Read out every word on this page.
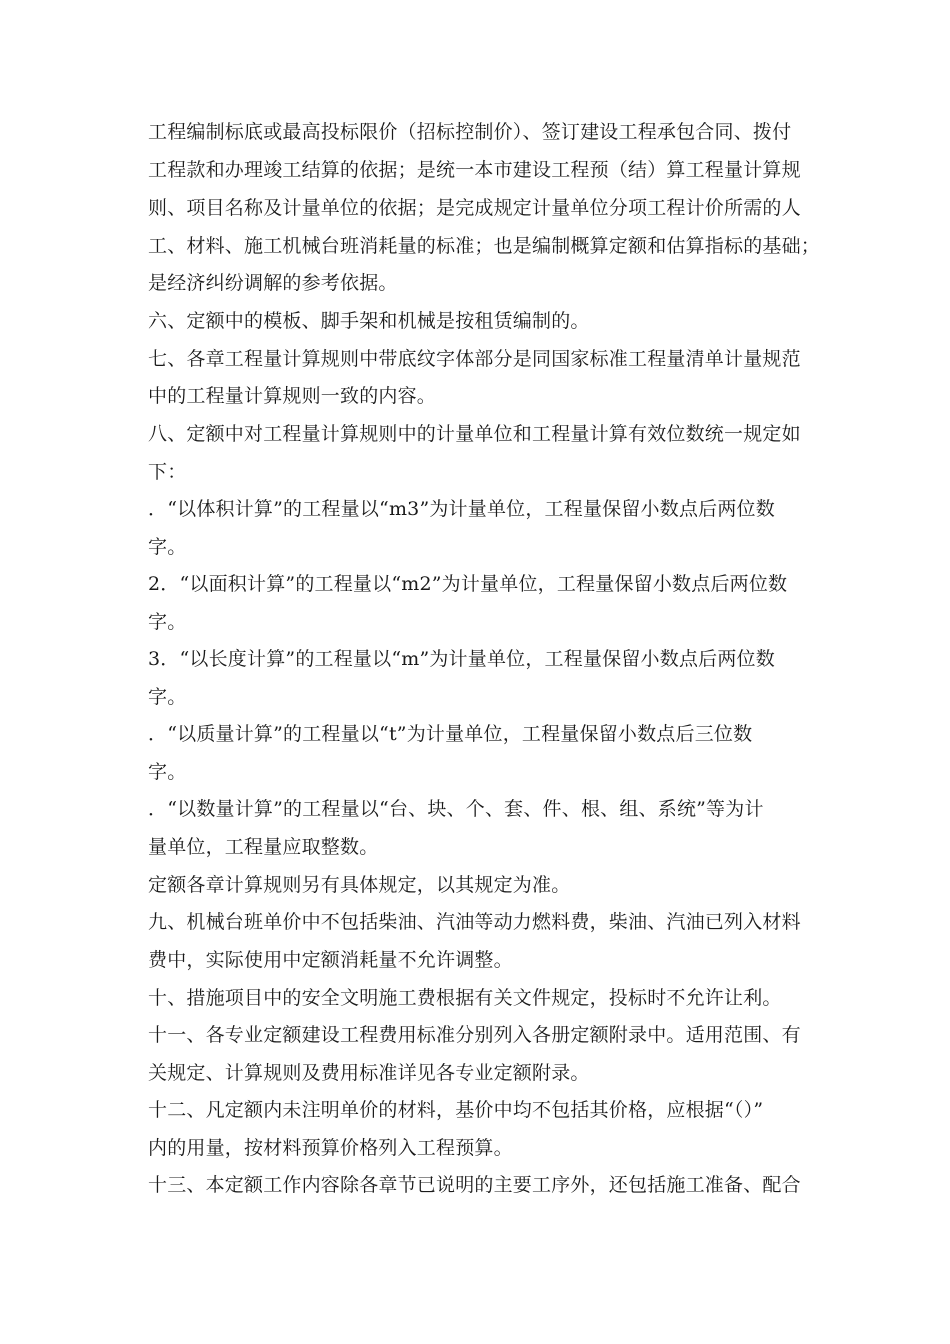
工程编制标底或最高投标限价（招标控制价）、签订建设工程承包合同、拨付
工程款和办理竣工结算的依据；是统一本市建设工程预（结）算工程量计算规
则、项目名称及计量单位的依据；是完成规定计量单位分项工程计价所需的人
工、材料、施工机械台班消耗量的标准；也是编制概算定额和估算指标的基础；
是经济纠纷调解的参考依据。
六、定额中的模板、脚手架和机械是按租赁编制的。
七、各章工程量计算规则中带底纹字体部分是同国家标准工程量清单计量规范
中的工程量计算规则一致的内容。
八、定额中对工程量计算规则中的计量单位和工程量计算有效位数统一规定如
下：
．“以体积计算”的工程量以“m3”为计量单位，工程量保留小数点后两位数
字。
2．“以面积计算”的工程量以“m2”为计量单位，工程量保留小数点后两位数
字。
3．“以长度计算”的工程量以“m”为计量单位，工程量保留小数点后两位数
字。
．“以质量计算”的工程量以“t”为计量单位，工程量保留小数点后三位数
字。
．“以数量计算”的工程量以“台、块、个、套、件、根、组、系统”等为计
量单位，工程量应取整数。
定额各章计算规则另有具体规定，以其规定为准。
九、机械台班单价中不包括柴油、汽油等动力燃料费，柴油、汽油已列入材料
费中，实际使用中定额消耗量不允许调整。
十、措施项目中的安全文明施工费根据有关文件规定，投标时不允许让利。
十一、各专业定额建设工程费用标准分别列入各册定额附录中。适用范围、有
关规定、计算规则及费用标准详见各专业定额附录。
十二、凡定额内未注明单价的材料，基价中均不包括其价格，应根据“（）”
内的用量，按材料预算价格列入工程预算。
十三、本定额工作内容除各章节已说明的主要工序外，还包括施工准备、配合
